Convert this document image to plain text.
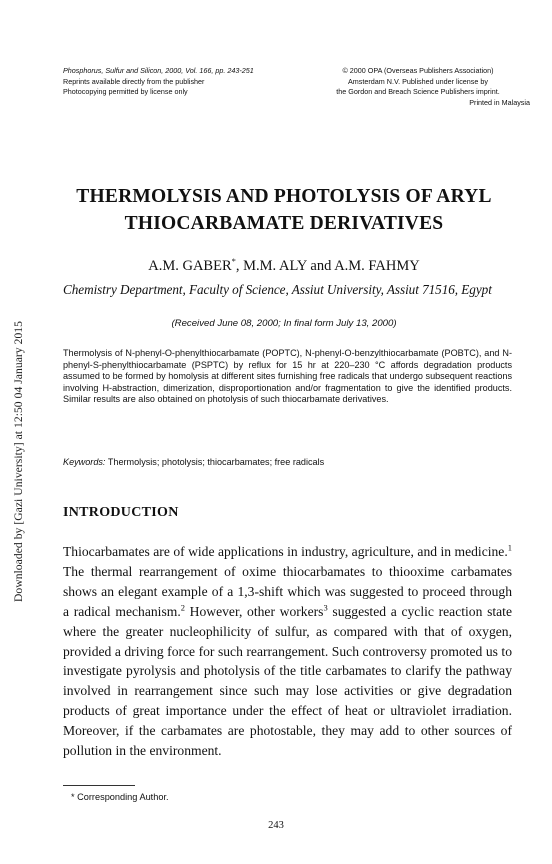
Phosphorus, Sulfur and Silicon, 2000, Vol. 166, pp. 243-251
Reprints available directly from the publisher
Photocopying permitted by license only
© 2000 OPA (Overseas Publishers Association)
Amsterdam N.V. Published under license by
the Gordon and Breach Science Publishers imprint.
Printed in Malaysia
THERMOLYSIS AND PHOTOLYSIS OF ARYL
THIOCARBAMATE DERIVATIVES
A.M. GABER*, M.M. ALY and A.M. FAHMY
Chemistry Department, Faculty of Science, Assiut University, Assiut 71516, Egypt
(Received June 08, 2000; In final form July 13, 2000)
Thermolysis of N-phenyl-O-phenylthiocarbamate (POPTC), N-phenyl-O-benzylthiocarbamate (POBTC), and N-phenyl-S-phenylthiocarbamate (PSPTC) by reflux for 15 hr at 220–230 °C affords degradation products assumed to be formed by homolysis at different sites furnishing free radicals that undergo subsequent reactions involving H-abstraction, dimerization, disproportionation and/or fragmentation to give the identified products. Similar results are also obtained on photolysis of such thiocarbamate derivatives.
Keywords: Thermolysis; photolysis; thiocarbamates; free radicals
INTRODUCTION

Thiocarbamates are of wide applications in industry, agriculture, and in medicine.$^1$ The thermal rearrangement of oxime thiocarbamates to thiooxime carbamates shows an elegant example of a 1,3-shift which was suggested to proceed through a radical mechanism.$^2$ However, other workers$^3$ suggested a cyclic reaction state where the greater nucleophilicity of sulfur, as compared with that of oxygen, provided a driving force for such rearrangement. Such controversy promoted us to investigate pyrolysis and photolysis of the title carbamates to clarify the pathway involved in rearrangement since such may lose activities or give degradation products of great importance under the effect of heat or ultraviolet irradiation. Moreover, if the carbamates are photostable, they may add to other sources of pollution in the environment.

* Corresponding Author.
243
Downloaded by [Gazi University] at 12:50 04 January 2015
